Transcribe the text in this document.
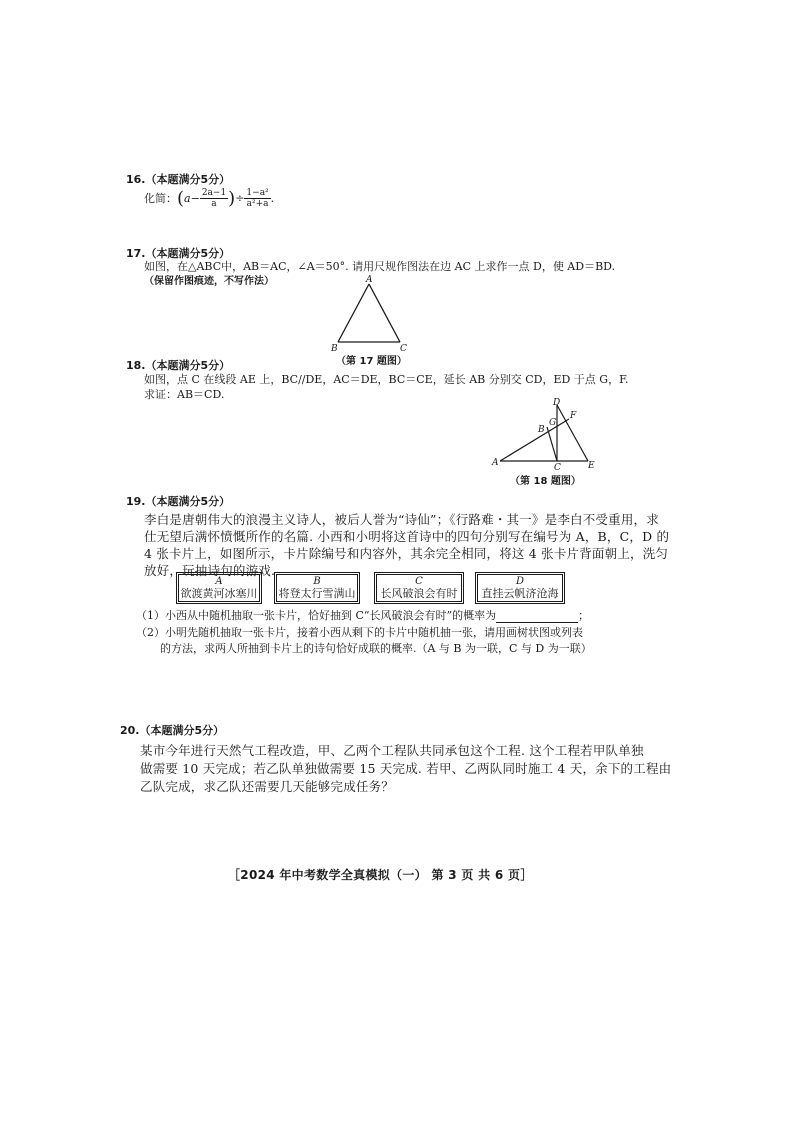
16.（本题满分5分）
化简： ( $a - \frac{2a-1}{a}$ ) ÷ $\frac{\text{1−a²}}{\text{a²+a}}$ .
17.（本题满分5分）
如图，在△ABC中，AB＝AC，∠A＝50°. 请用尺规作图法在边 AC 上求作一点 D，使 AD＝BD.
（保留作图痕迹，不写作法）	A
B	C
（第 17 题图）
18.（本题满分5分）
如图，点 C 在线段 AE 上，BC//DE，AC＝DE，BC＝CE，延长 AB 分别交 CD，ED 于点 G，F.
求证：AB＝CD.
A
B
C
D
E
F
G
（第 18 题图）
19.（本题满分5分）
李白是唐朝伟大的浪漫主义诗人，被后人誉为“诗仙”；《行路难・其一》是李白不受重用，求
仕无望后满怀愤慨所作的名篇. 小西和小明将这首诗中的四句分别写在编号为 A，B，C，D 的
4 张卡片上，如图所示，卡片除编号和内容外，其余完全相同，将这 4 张卡片背面朝上，洗匀
放好，玩抽诗句的游戏.
A
欲渡黄河冰塞川
B
将登太行雪满山
C
长风破浪会有时
D
直挂云帆济沧海
（1）小西从中随机抽取一张卡片，恰好抽到 C“长风破浪会有时”的概率为	；
（2）小明先随机抽取一张卡片，接着小西从剩下的卡片中随机抽一张，请用画树状图或列表
的方法，求两人所抽到卡片上的诗句恰好成联的概率.（A 与 B 为一联，C 与 D 为一联）
20.（本题满分5分）
某市今年进行天然气工程改造，甲、乙两个工程队共同承包这个工程. 这个工程若甲队单独
做需要 10 天完成；若乙队单独做需要 15 天完成. 若甲、乙两队同时施工 4 天，余下的工程由
乙队完成，求乙队还需要几天能够完成任务？
［2024 年中考数学全真模拟（一） 第 3 页 共 6 页］
